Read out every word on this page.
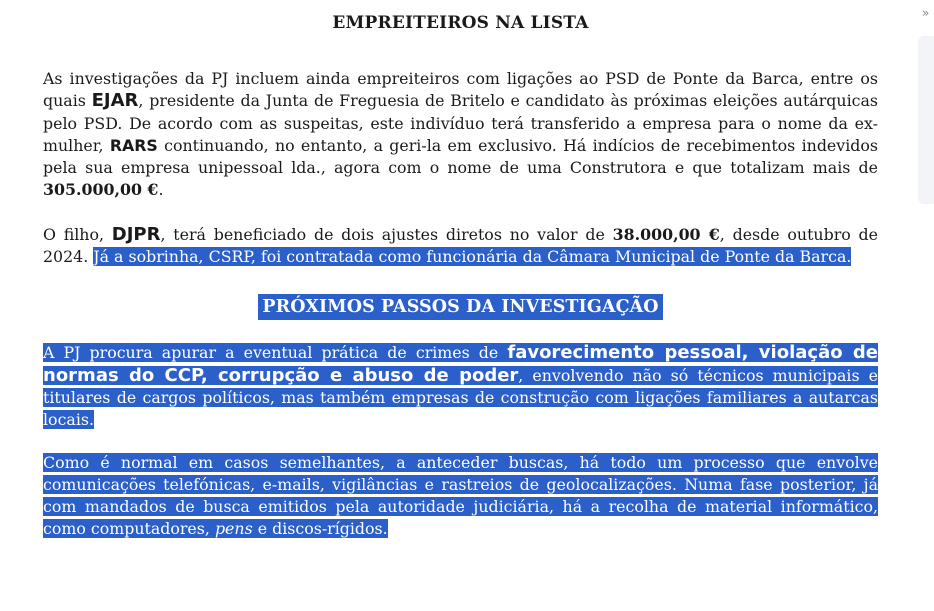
»
EMPREITEIROS NA LISTA

As investigações da PJ incluem ainda empreiteiros com ligações ao PSD de Ponte da Barca, entre os quais EJAR, presidente da Junta de Freguesia de Britelo e candidato às próximas eleições autárquicas pelo PSD. De acordo com as suspeitas, este indivíduo terá transferido a empresa para o nome da ex-mulher, RARS continuando, no entanto, a geri-la em exclusivo. Há indícios de recebimentos indevidos pela sua empresa unipessoal lda., agora com o nome de uma Construtora e que totalizam mais de 305.000,00 €.

O filho, DJPR, terá beneficiado de dois ajustes diretos no valor de 38.000,00 €, desde outubro de 2024. Já a sobrinha, CSRP, foi contratada como funcionária da Câmara Municipal de Ponte da Barca.

PRÓXIMOS PASSOS DA INVESTIGAÇÃO

A PJ procura apurar a eventual prática de crimes de favorecimento pessoal, violação de normas do CCP, corrupção e abuso de poder, envolvendo não só técnicos municipais e titulares de cargos políticos, mas também empresas de construção com ligações familiares a autarcas locais.

Como é normal em casos semelhantes, a anteceder buscas, há todo um processo que envolve comunicações telefónicas, e-mails, vigilâncias e rastreios de geolocalizações. Numa fase posterior, já com mandados de busca emitidos pela autoridade judiciária, há a recolha de material informático, como computadores, pens e discos-rígidos.
